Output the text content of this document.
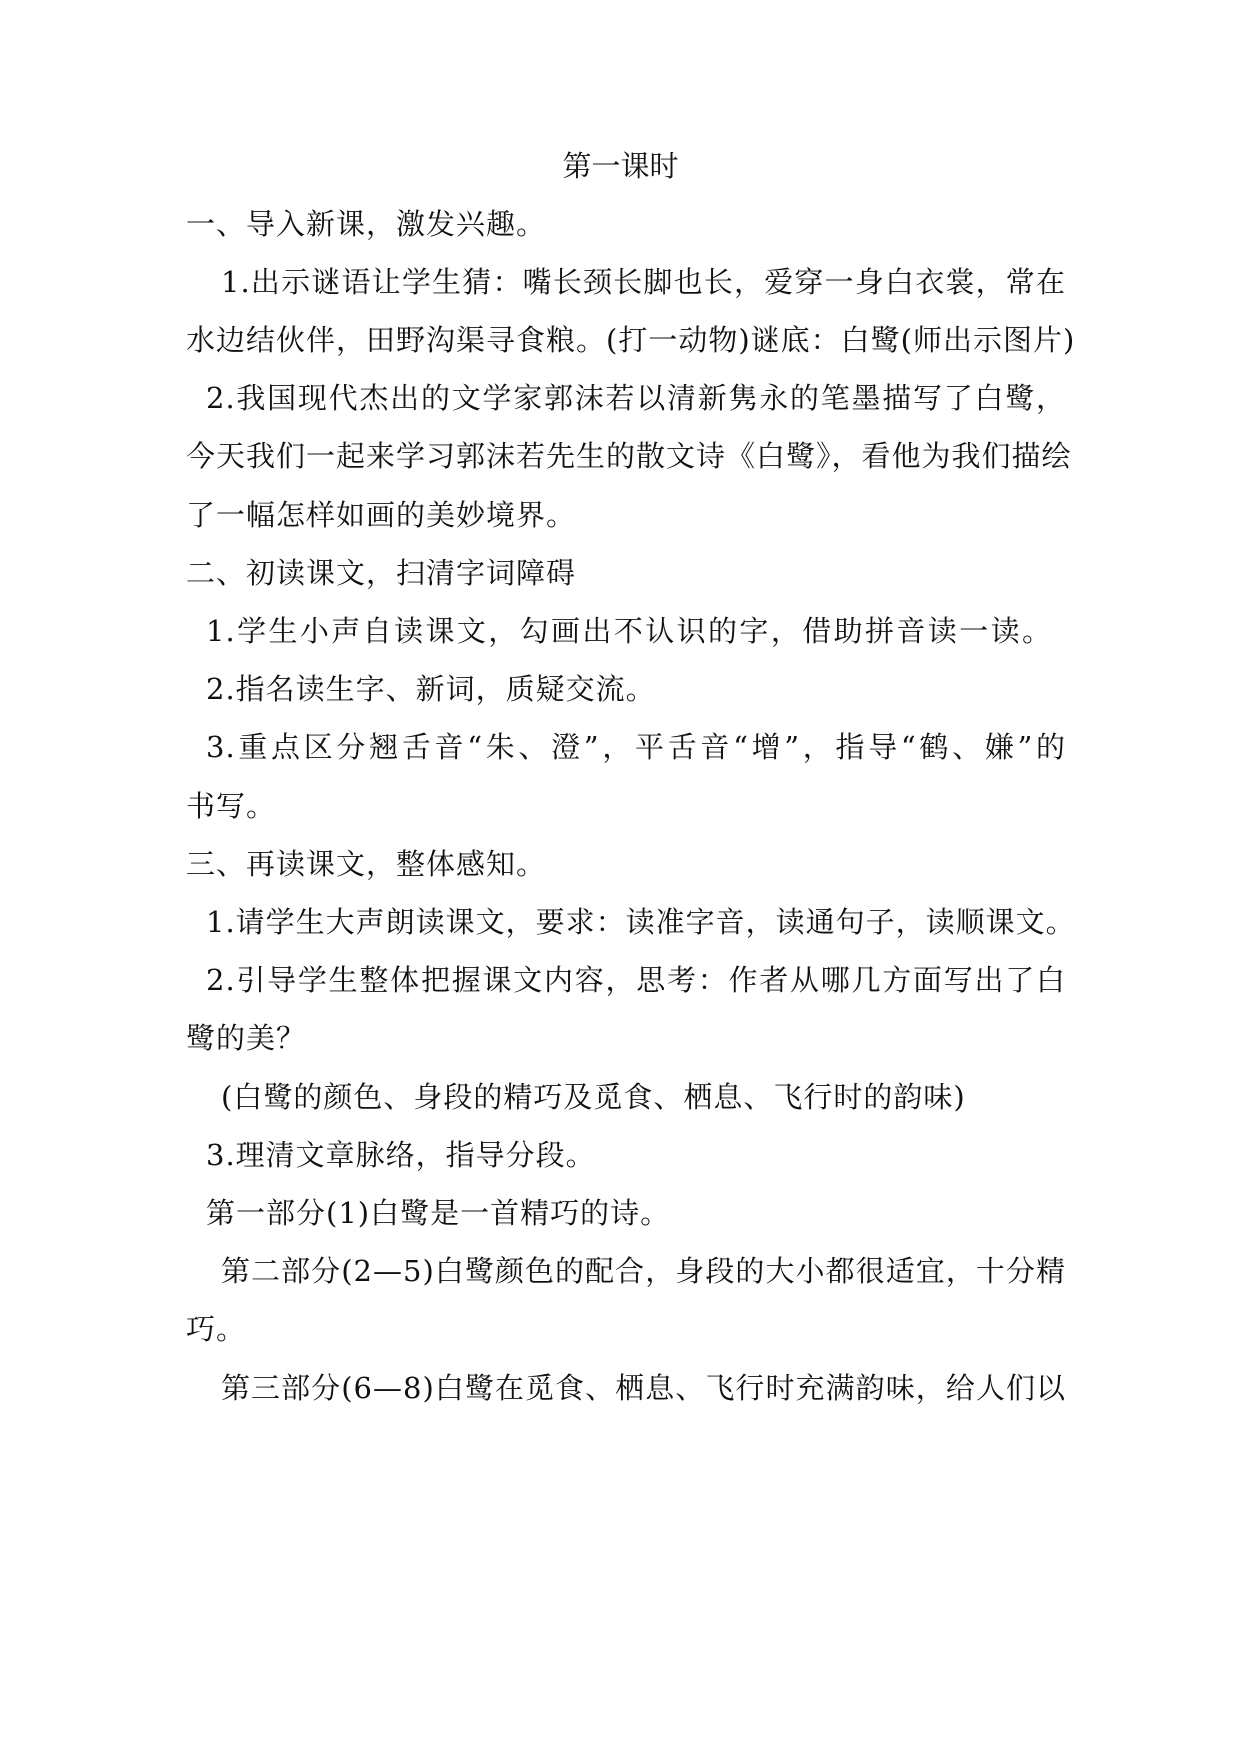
第一课时
一、导入新课，激发兴趣。
1.出示谜语让学生猜：嘴长颈长脚也长，爱穿一身白衣裳，常在
水边结伙伴，田野沟渠寻食粮。(打一动物)谜底：白鹭(师出示图片)
2.我国现代杰出的文学家郭沫若以清新隽永的笔墨描写了白鹭，
今天我们一起来学习郭沫若先生的散文诗《白鹭》，看他为我们描绘
了一幅怎样如画的美妙境界。
二、初读课文，扫清字词障碍
1.学生小声自读课文，勾画出不认识的字，借助拼音读一读。
2.指名读生字、新词，质疑交流。
3.重点区分翘舌音“朱、澄”，平舌音“增”，指导“鹤、嫌”的
书写。
三、再读课文，整体感知。
1.请学生大声朗读课文，要求：读准字音，读通句子，读顺课文。
2.引导学生整体把握课文内容，思考：作者从哪几方面写出了白
鹭的美？
(白鹭的颜色、身段的精巧及觅食、栖息、飞行时的韵味)
3.理清文章脉络，指导分段。
第一部分(1)白鹭是一首精巧的诗。
第二部分(2—5)白鹭颜色的配合，身段的大小都很适宜，十分精
巧。
第三部分(6—8)白鹭在觅食、栖息、飞行时充满韵味，给人们以
